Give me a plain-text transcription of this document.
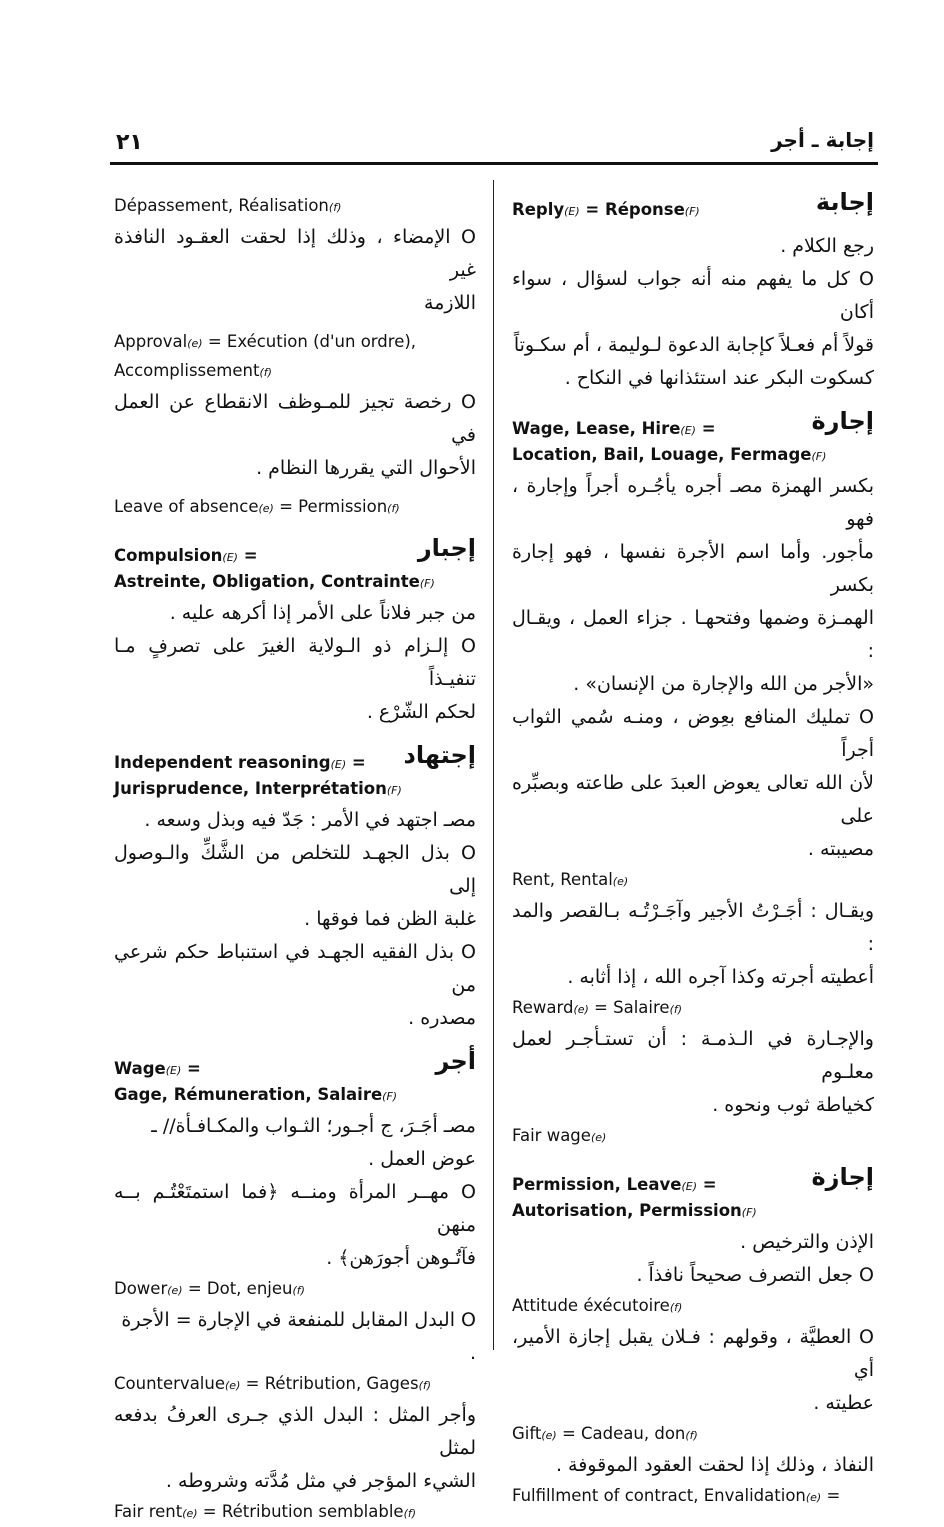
٢١	إجابة ـ أجر
Reply(E) = Réponse(F)	إجابة

رجع الكلام .

O كل ما يفهم منه أنه جواب لسؤال ، سواء أكان

قولاً أم فعـلاً كإجابة الدعوة لـوليمة ، أم سكـوتاً

كسكوت البكر عند استئذانها في النكاح .

Wage, Lease, Hire(E) =	إجارة

Location, Bail, Louage, Fermage(F)

بكسر الهمزة مصـ أجره يأجُـره أجراً وإجارة ، فهو

مأجور. وأما اسم الأجرة نفسها ، فهو إجارة بكسر

الهمـزة وضمها وفتحهـا . جزاء العمل ، ويقـال :

«الأجر من الله والإجارة من الإنسان» .

O تمليك المنافع بعِوض ، ومنـه سُمي الثواب أجراً

لأن الله تعالى يعوض العبدَ على طاعته وبصبِّره على

مصيبته .

Rent, Rental(e)

ويقـال : أجَـرْتُ الأجير وآجَـرْتُـه بـالقصر والمد :

أعطيته أجرته وكذا آجره الله ، إذا أثابه .

Reward(e) = Salaire(f)

والإجـارة في الـذمـة : أن تستـأجـر لعمل معلـوم

كخياطة ثوب ونحوه .

Fair wage(e)

Permission, Leave(E) =	إجازة

Autorisation, Permission(F)

الإذن والترخيص .

O جعل التصرف صحيحاً نافذاً .

Attitude éxécutoire(f)

O العطيَّة ، وقولهم : فـلان يقبل إجازة الأمير، أي

عطيته .

Gift(e) = Cadeau, don(f)

النفاذ ، وذلك إذا لحقت العقود الموقوفة .

Fulfillment of contract, Envalidation(e) =

Dépassement, Réalisation(f)

O الإمضاء ، وذلك إذا لحقت العقـود النافذة غير

اللازمة

Approval(e) = Exécution (d'un ordre),

Accomplissement(f)

O رخصة تجيز للمـوظف الانقطاع عن العمل في

الأحوال التي يقررها النظام .

Leave of absence(e) = Permission(f)

Compulsion(E) =	إجبار

Astreinte, Obligation, Contrainte(F)

من جبر فلاناً على الأمر إذا أكرهه عليه .

O إلـزام ذو الـولاية الغيرَ على تصرفٍ مـا تنفيـذاً

لحكم الشّرْع .

Independent reasoning(E) = إجتهاد

Jurisprudence, Interprétation(F)

مصـ اجتهد في الأمر : جَدّ فيه وبذل وسعه .

O بذل الجهـد للتخلص من الشَّكِّ والـوصول إلى

غلبة الظن فما فوقها .

O بذل الفقيه الجهـد في استنباط حكم شرعي من

مصدره .

Wage(E) =	أجر

Gage, Rémuneration, Salaire(F)

مصـ أجَـرَ، ج أجـور؛ الثـواب والمكـافـأة// ـ

عوض العمل .

O مهــر المرأة ومنــه ﴿فما استمتَعْتُـم بــه منهن

فآتُـوهن أجورَهن﴾ .

Dower(e) = Dot, enjeu(f)

O البدل المقابل للمنفعة في الإجارة = الأجرة .

Countervalue(e) = Rétribution, Gages(f)

وأجر المثل : البدل الذي جـرى العرفُ بدفعه لمثل

الشيء المؤجر في مثل مُدَّته وشروطه .

Fair rent(e) = Rétribution semblable(f)
